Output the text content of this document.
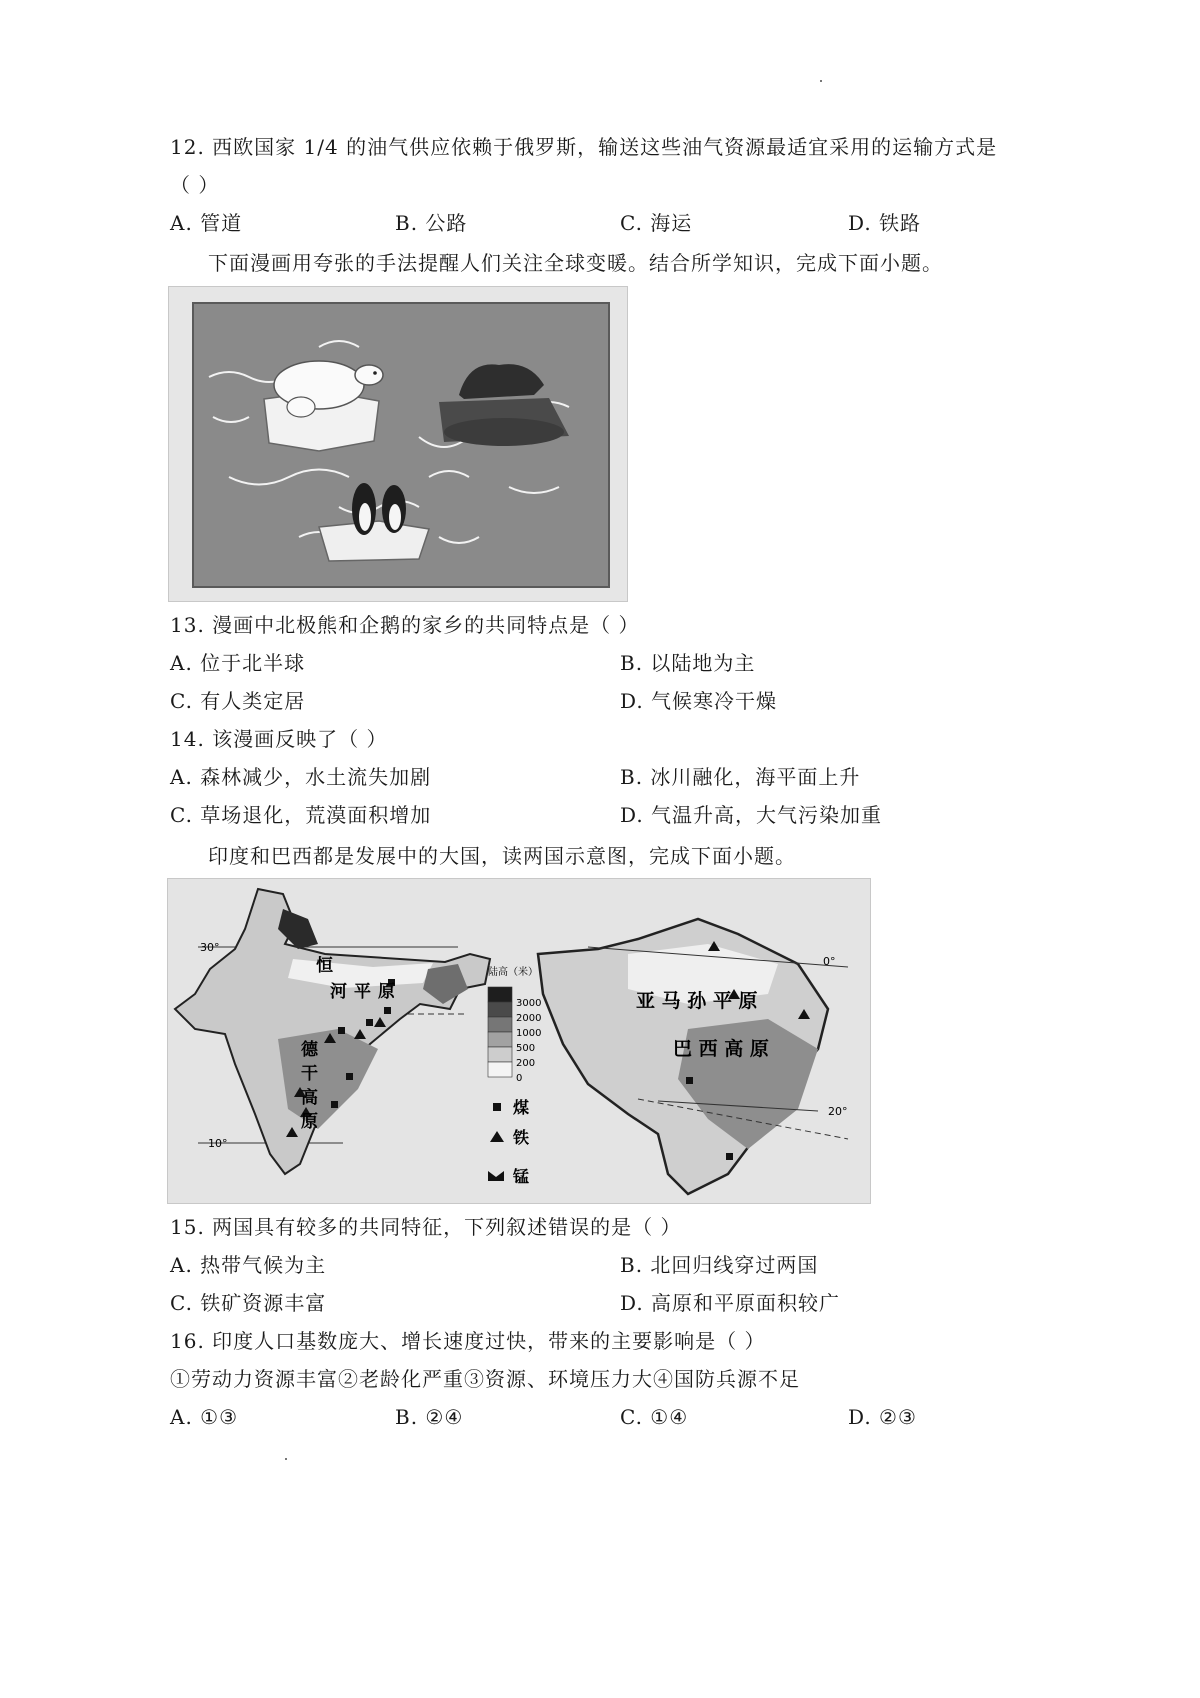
12. 西欧国家 1/4 的油气供应依赖于俄罗斯，输送这些油气资源最适宜采用的运输方式是
（ ）
A. 管道	B. 公路	C. 海运	D. 铁路
下面漫画用夸张的手法提醒人们关注全球变暖。结合所学知识，完成下面小题。
13. 漫画中北极熊和企鹅的家乡的共同特点是（ ）
A. 位于北半球	B. 以陆地为主
C. 有人类定居	D. 气候寒冷干燥
14. 该漫画反映了（ ）
A. 森林减少，水土流失加剧	B. 冰川融化，海平面上升
C. 草场退化，荒漠面积增加	D. 气温升高，大气污染加重
印度和巴西都是发展中的大国，读两国示意图，完成下面小题。
30°
10°
恒
河 平 原
德
干
高
原
0°
20°
亚 马 孙 平 原
巴 西 高 原
陆高（米）
3000
2000
1000
500
200
0
煤
铁
锰
15. 两国具有较多的共同特征，下列叙述错误的是（ ）
A. 热带气候为主	B. 北回归线穿过两国
C. 铁矿资源丰富	D. 高原和平原面积较广
16. 印度人口基数庞大、增长速度过快，带来的主要影响是（ ）
①劳动力资源丰富②老龄化严重③资源、环境压力大④国防兵源不足
A. ①③	B. ②④	C. ①④	D. ②③
